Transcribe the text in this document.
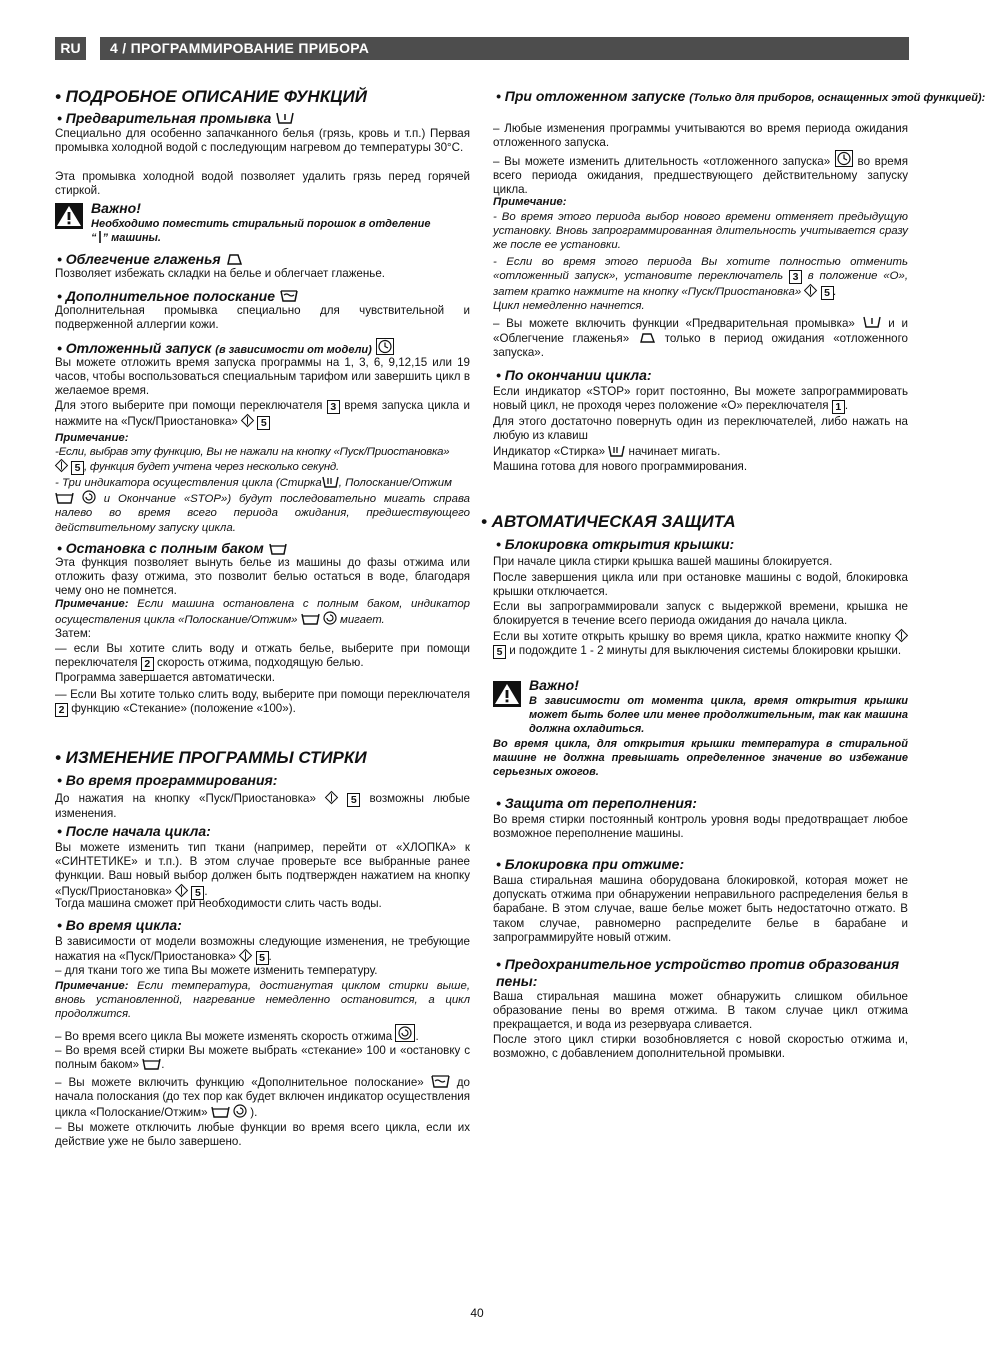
RU	4 / ПРОГРАММИРОВАНИЕ ПРИБОРА
• ПОДРОБНОЕ ОПИСАНИЕ ФУНКЦИЙ
• Предварительная промывка
Специально для особенно запачканного белья (грязь, кровь и т.п.) Первая промывка холодной водой с последующим нагревом до температуры 30°С.
Эта промывка холодной водой позволяет удалить грязь перед горячей стиркой.
Важно!
Необходимо поместить стиральный порошок в отделение
“ ” машины.
• Облегчение глаженья
Позволяет избежать складки на белье и облегчает глаженье.
• Дополнительное полоскание
Дополнительная промывка специально для чувствительной и подверженной аллергии кожи.
• Отложенный запуск (в зависимости от модели)
Вы можете отложить время запуска программы на 1, 3, 6, 9,12,15 или 19 часов, чтобы воспользоваться специальным тарифом или завершить цикл в желаемое время.
Для этого выберите при помощи переключателя 3 время запуска цикла и нажмите на «Пуск/Приостановка» 5
Примечание:
-Если, выбрав эту функцию, Вы не нажали на кнопку «Пуск/Приостановка»
5 , функция будет учтена через несколько секунд.
- Три индикатора осуществления цикла (Стирка , Полоскание/Отжим
и Окончание «STOP») будут последовательно мигать справа налево во время всего периода ожидания, предшествующего действительному запуску цикла.
• Остановка с полным баком
Эта функция позволяет вынуть белье из машины до фазы отжима или отложить фазу отжима, это позволит белью остаться в воде, благодаря чему оно не помнется.
Примечание: Если машина остановлена с полным баком, индикатор осуществления цикла «Полоскание/Отжим»	мигает.
Затем:
— если Вы хотите слить воду и отжать белье, выберите при помощи переключателя 2 скорость отжима, подходящую белью.
Программа завершается автоматически.
— Если Вы хотите только слить воду, выберите при помощи переключателя 2 функцию «Стекание» (положение «100»).
• ИЗМЕНЕНИЕ ПРОГРАММЫ СТИРКИ
• Во время программирования:
До нажатия на кнопку «Пуск/Приостановка»	5 возможны любые изменения.
• После начала цикла:
Вы можете изменить тип ткани (например, перейти от «ХЛОПКА» к «СИНТЕТИКЕ» и т.п.). В этом случае проверьте все выбранные ранее функции. Ваш новый выбор должен быть подтвержден нажатием на кнопку «Пуск/Приостановка» 5 .
Тогда машина сможет при необходимости слить часть воды.
• Во время цикла:
В зависимости от модели возможны следующие изменения, не требующие нажатия на «Пуск/Приостановка» 5 .
– для ткани того же типа Вы можете изменить температуру.
Примечание: Если температура, достигнутая циклом стирки выше, вновь установленной, нагревание немедленно остановится, а цикл продолжится.
– Во время всего цикла Вы можете изменять скорость отжима .
– Во время всей стирки Вы можете выбрать «стекание» 100 и «остановку с полным баком» .
– Вы можете включить функцию «Дополнительное полоскание»	до начала полоскания (до тех пор как будет включен индикатор осуществления цикла «Полоскание/Отжим»	).
– Вы можете отключить любые функции во время всего цикла, если их действие уже не было завершено.
• При отложенном запуске (Только для приборов, оснащенных этой функцией):
– Любые изменения программы учитываются во время периода ожидания отложенного запуска.
– Вы можете изменить длительность «отложенного запуска» во время всего периода ожидания, предшествующего действительному запуску цикла.
Примечание:
- Во время этого периода выбор нового времени отменяет предыдущую установку. Вновь запрограммированная длительность учитывается сразу же после ее установки.
- Если во время этого периода Вы хотите полностью отменить «отложенный запуск», установите переключатель 3 в положение «О», затем кратко нажмите на кнопку «Пуск/Приостановка» 5 .
Цикл немедленно начнется.
– Вы можете включить функции «Предварительная промывка»  и и «Облегчение глаженья»	только в период ожидания «отложенного запуска».
• По окончании цикла:
Если индикатор «STOP» горит постоянно, Вы можете запрограммировать новый цикл, не проходя через положение «О» переключателя 1 .
Для этого достаточно повернуть один из переключателей, либо нажать на любую из клавиш
Индикатор «Стирка» начинает мигать.
Машина готова для нового программирования.
• АВТОМАТИЧЕСКАЯ ЗАЩИТА
• Блокировка открытия крышки:
При начале цикла стирки крышка вашей машины блокируется.
После завершения цикла или при остановке машины с водой, блокировка крышки отключается.
Если вы запрограммировали запуск с выдержкой времени, крышка не блокируется в течение всего периода ожидания до начала цикла.
Если вы хотите открыть крышку во время цикла, кратко нажмите кнопку  5 и подождите 1 - 2 минуты для выключения системы блокировки крышки.
Важно!
В зависимости от момента цикла, время открытия крышки может быть более или менее продолжительным, так как машина должна охладиться.
Во время цикла, для открытия крышки температура в стиральной машине не должна превышать определенное значение во избежание серьезных ожогов.
• Защита от переполнения:
Во время стирки постоянный контроль уровня воды предотвращает любое возможное переполнение машины.
• Блокировка при отжиме:
Ваша стиральная машина оборудована блокировкой, которая может не допускать отжима при обнаружении неправильного распределения белья в барабане. В этом случае, ваше белье может быть недостаточно отжато. В таком случае, равномерно распределите белье в барабане и запрограммируйте новый отжим.
• Предохранительное устройство против образования
пены:
Ваша стиральная машина может обнаружить слишком обильное образование пены во время отжима. В таком случае цикл отжима прекращается, и вода из резервуара сливается.
После этого цикл стирки возобновляется с новой скоростью отжима и, возможно, с добавлением дополнительной промывки.
40
